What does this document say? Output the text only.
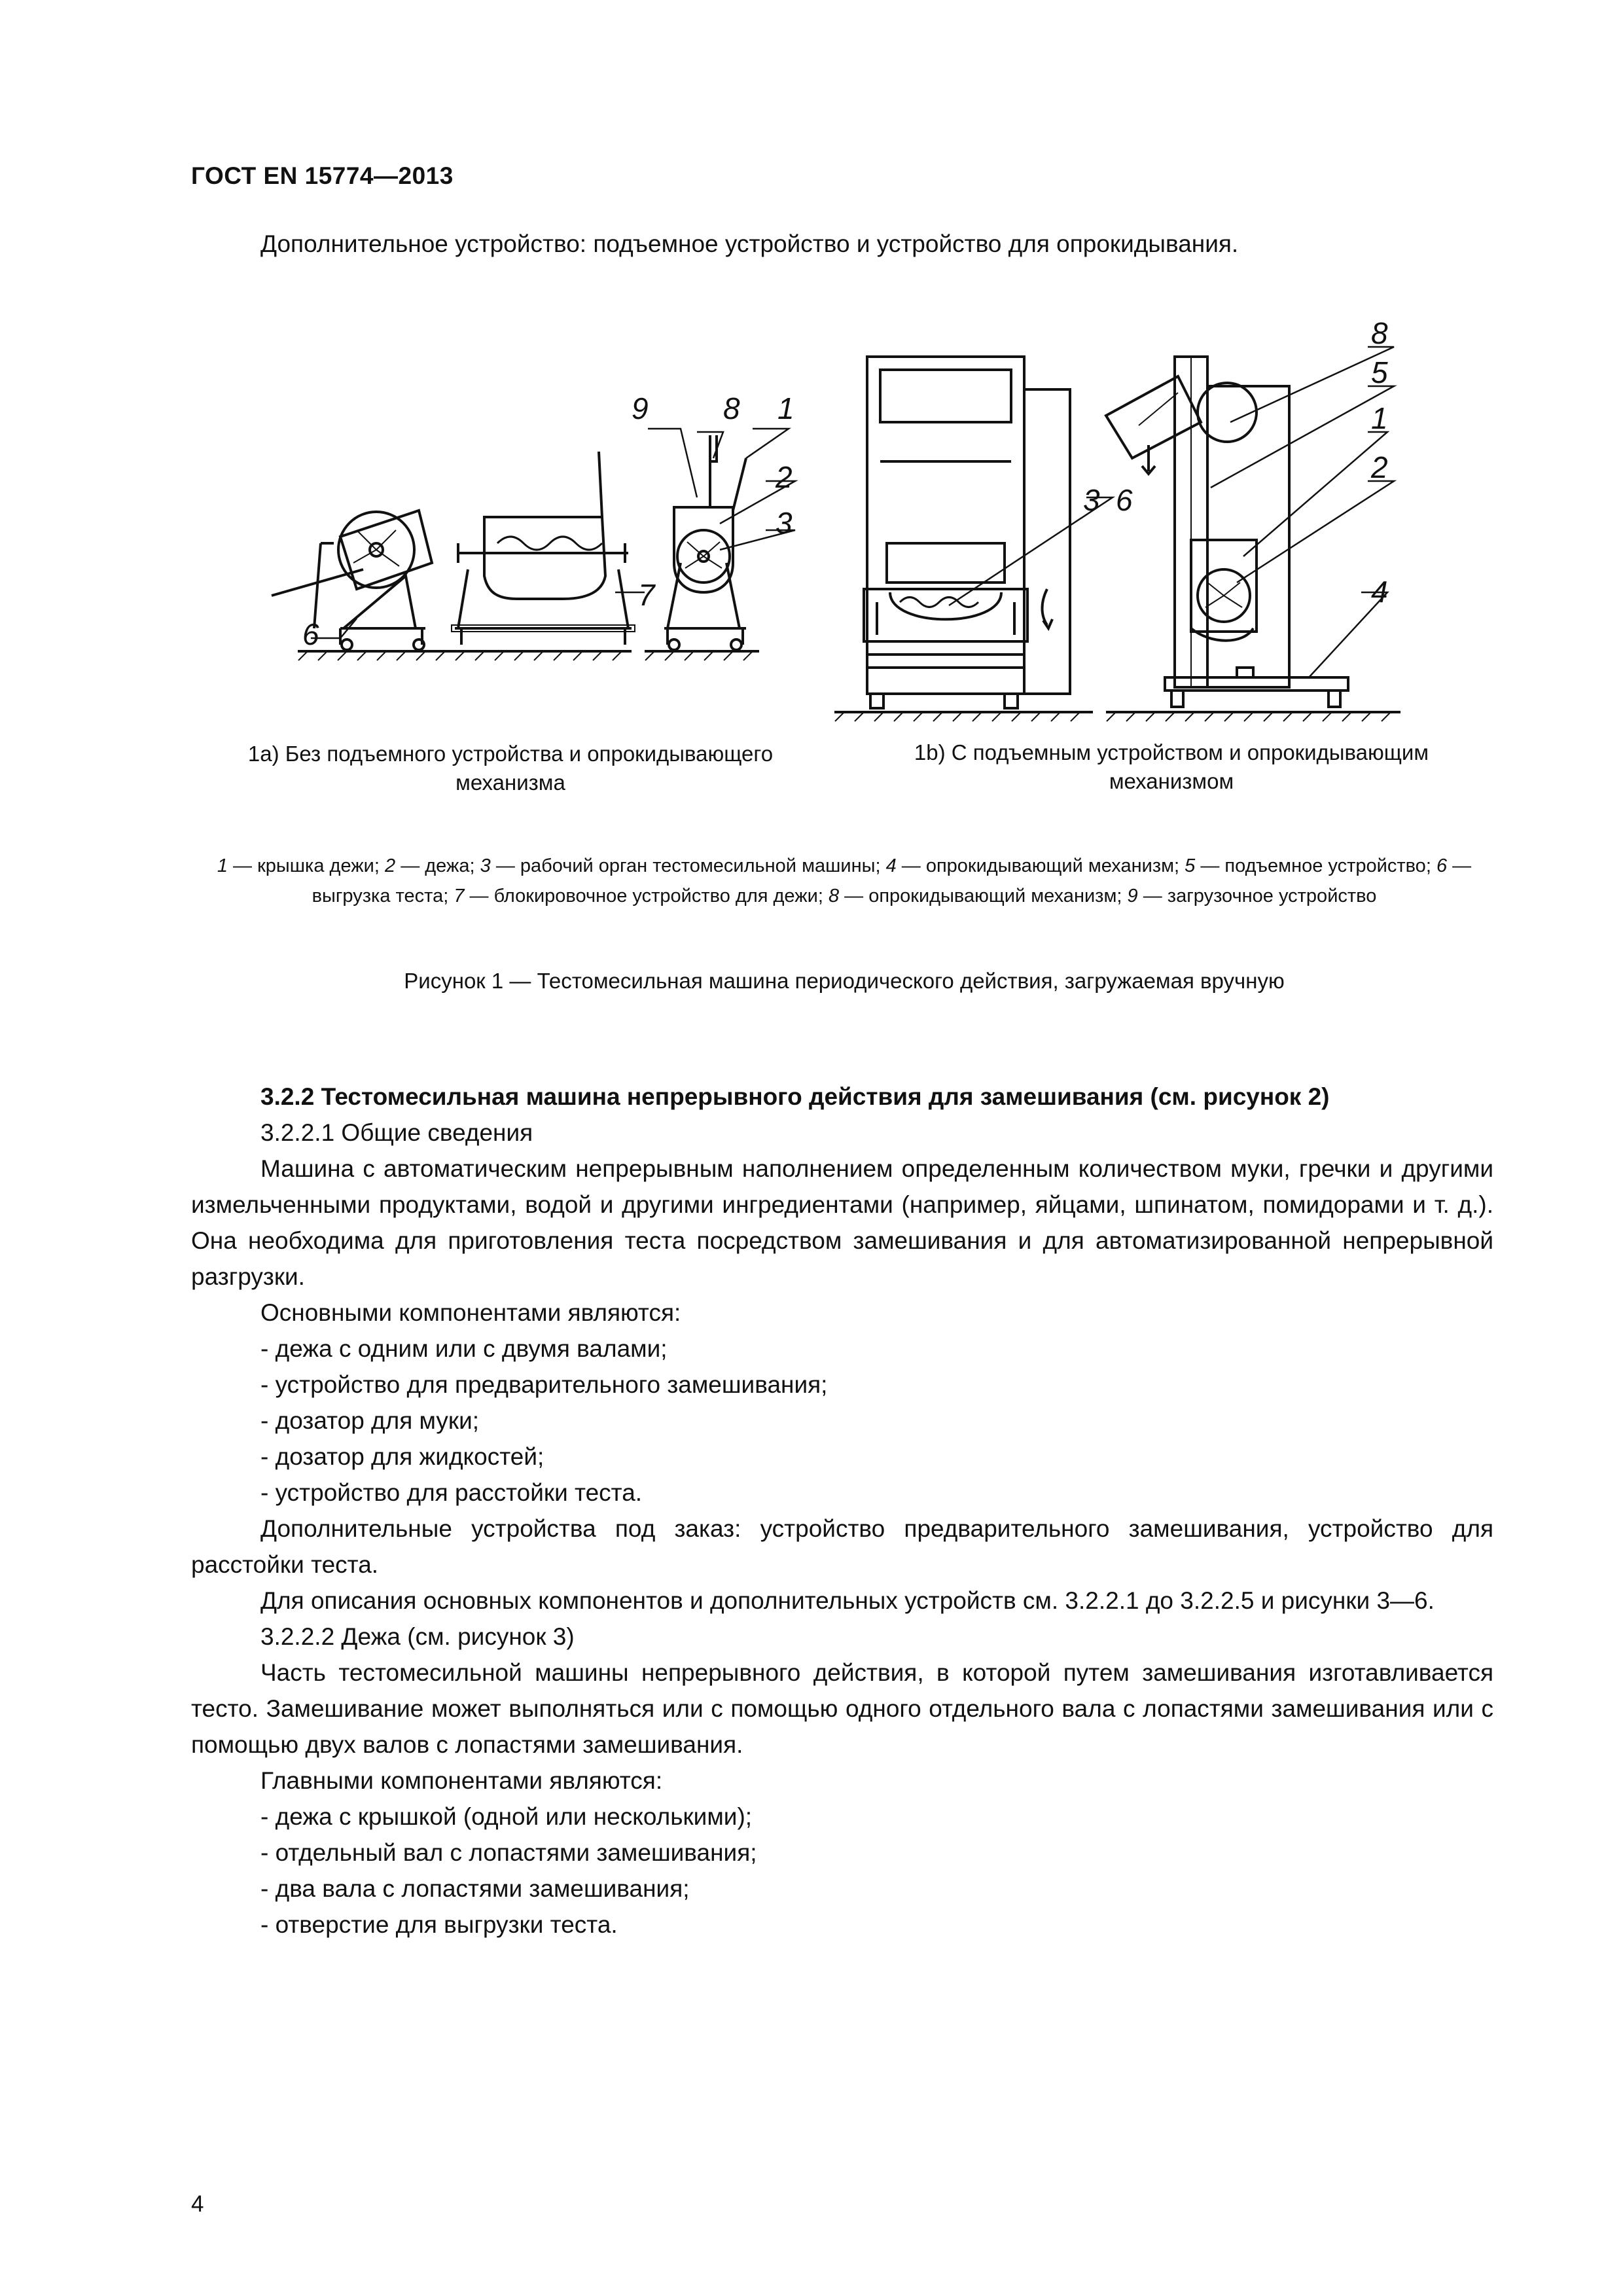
ГОСТ EN 15774—2013
Дополнительное устройство: подъемное устройство и устройство для опрокидывания.
9 8 1
2
3
6
7
8
5
1
2
3 6
4
1a) Без подъемного устройства и опрокидывающего
механизма
1b) С подъемным устройством и опрокидывающим
механизмом
1 — крышка дежи; 2 — дежа; 3 — рабочий орган тестомесильной машины; 4 — опрокидывающий механизм; 5 — подъемное устройство; 6 — выгрузка теста; 7 — блокировочное устройство для дежи; 8 — опрокидывающий механизм; 9 — загрузочное устройство
Рисунок 1 — Тестомесильная машина периодического действия, загружаемая вручную

3.2.2 Тестомесильная машина непрерывного действия для замешивания (см. рисунок 2)

3.2.2.1 Общие сведения

Машина с автоматическим непрерывным наполнением определенным количеством муки, гречки и другими измельченными продуктами, водой и другими ингредиентами (например, яйцами, шпинатом, помидорами и т. д.). Она необходима для приготовления теста посредством замешивания и для автоматизированной непрерывной разгрузки.

Основными компонентами являются:

- дежа с одним или с двумя валами;

- устройство для предварительного замешивания;

- дозатор для муки;

- дозатор для жидкостей;

- устройство для расстойки теста.

Дополнительные устройства под заказ: устройство предварительного замешивания, устройство для расстойки теста.

Для описания основных компонентов и дополнительных устройств см. 3.2.2.1 до 3.2.2.5 и рисунки 3—6.

3.2.2.2 Дежа (см. рисунок 3)

Часть тестомесильной машины непрерывного действия, в которой путем замешивания изготавливается тесто. Замешивание может выполняться или с помощью одного отдельного вала с лопастями замешивания или с помощью двух валов с лопастями замешивания.

Главными компонентами являются:

- дежа с крышкой (одной или несколькими);

- отдельный вал с лопастями замешивания;

- два вала с лопастями замешивания;

- отверстие для выгрузки теста.

4
